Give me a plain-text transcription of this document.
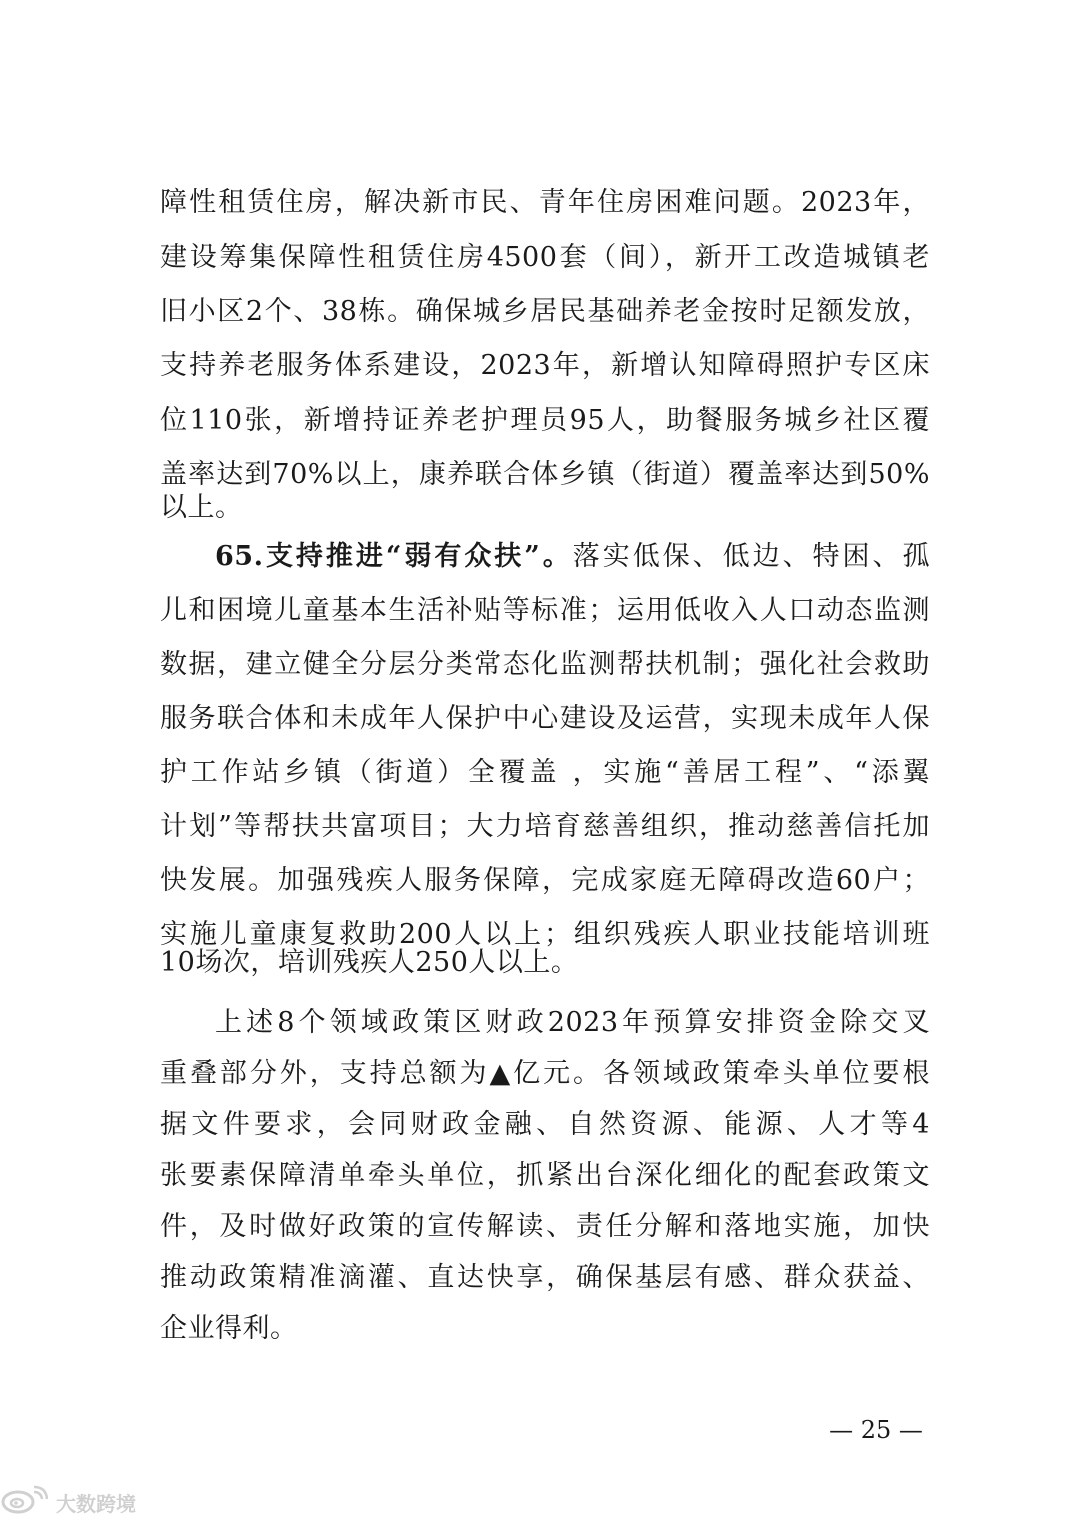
障性租赁住房，解决新市民、青年住房困难问题。2023年，
建设筹集保障性租赁住房4500套（间），新开工改造城镇老
旧小区2个、38栋。确保城乡居民基础养老金按时足额发放，
支持养老服务体系建设，2023年，新增认知障碍照护专区床
位110张，新增持证养老护理员95人，助餐服务城乡社区覆
盖率达到70%以上，康养联合体乡镇（街道）覆盖率达到50%
以上。
65.支持推进“弱有众扶”。落实低保、低边、特困、孤
儿和困境儿童基本生活补贴等标准；运用低收入人口动态监测
数据，建立健全分层分类常态化监测帮扶机制；强化社会救助
服务联合体和未成年人保护中心建设及运营，实现未成年人保
护工作站乡镇（街道）全覆盖 ，实施“善居工程”、“添翼
计划”等帮扶共富项目；大力培育慈善组织，推动慈善信托加
快发展。加强残疾人服务保障，完成家庭无障碍改造60户；
实施儿童康复救助200人以上；组织残疾人职业技能培训班
10场次，培训残疾人250人以上。
上述8个领域政策区财政2023年预算安排资金除交叉
重叠部分外，支持总额为▲亿元。各领域政策牵头单位要根
据文件要求，会同财政金融、自然资源、能源、人才等4
张要素保障清单牵头单位，抓紧出台深化细化的配套政策文
件，及时做好政策的宣传解读、责任分解和落地实施，加快
推动政策精准滴灌、直达快享，确保基层有感、群众获益、
企业得利。
— 25 —
大数跨境
